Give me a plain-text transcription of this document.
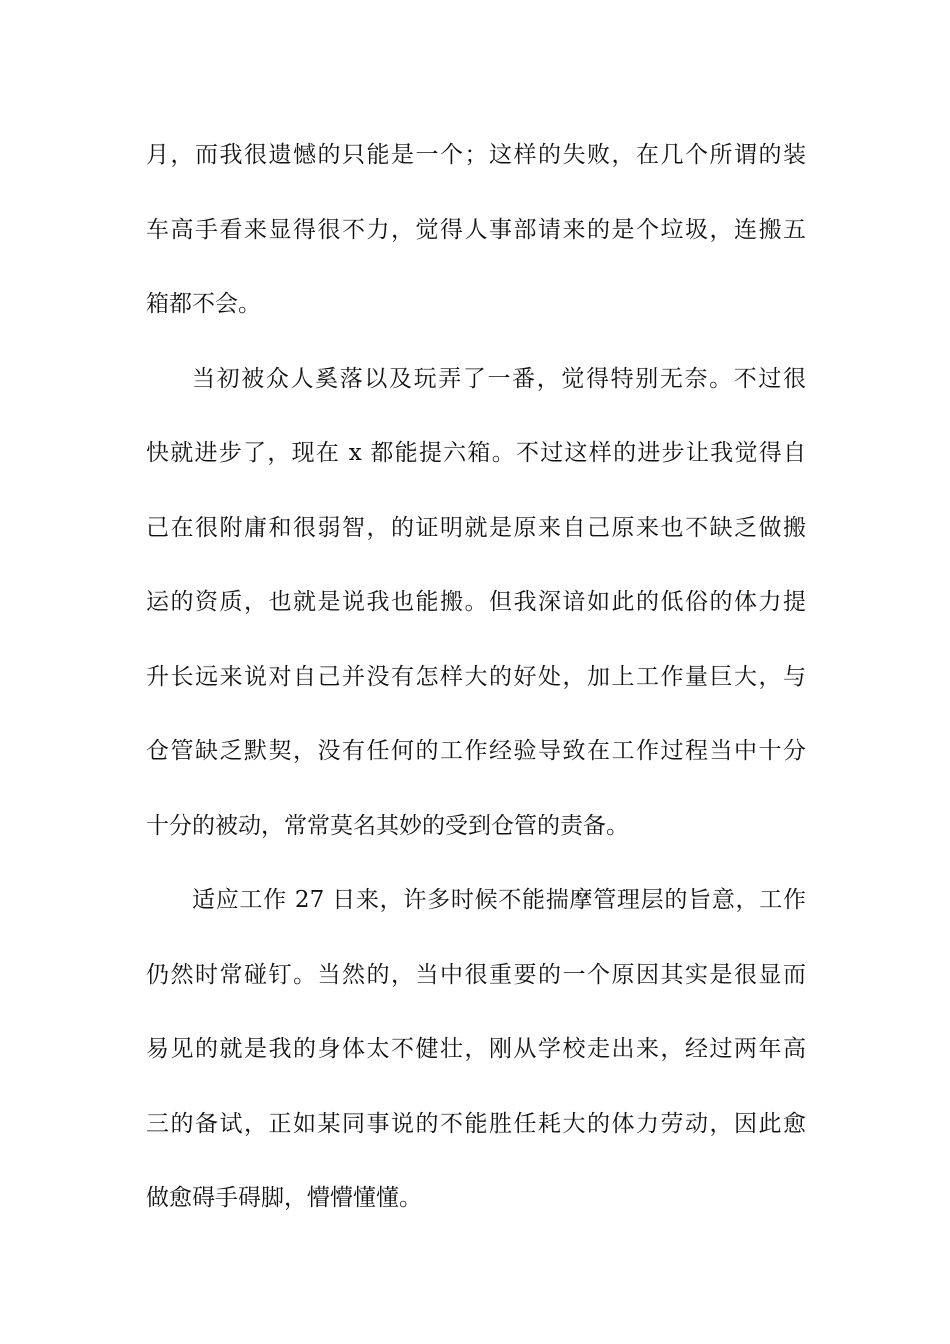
月，而我很遗憾的只能是一个；这样的失败，在几个所谓的装
车高手看来显得很不力，觉得人事部请来的是个垃圾，连搬五
箱都不会。
当初被众人奚落以及玩弄了一番，觉得特别无奈。不过很
快就进步了，现在 x 都能提六箱。不过这样的进步让我觉得自
己在很附庸和很弱智，的证明就是原来自己原来也不缺乏做搬
运的资质，也就是说我也能搬。但我深谙如此的低俗的体力提
升长远来说对自己并没有怎样大的好处，加上工作量巨大，与
仓管缺乏默契，没有任何的工作经验导致在工作过程当中十分
十分的被动，常常莫名其妙的受到仓管的责备。
适应工作 27 日来，许多时候不能揣摩管理层的旨意，工作
仍然时常碰钉。当然的，当中很重要的一个原因其实是很显而
易见的就是我的身体太不健壮，刚从学校走出来，经过两年高
三的备试，正如某同事说的不能胜任耗大的体力劳动，因此愈
做愈碍手碍脚，懵懵懂懂。
